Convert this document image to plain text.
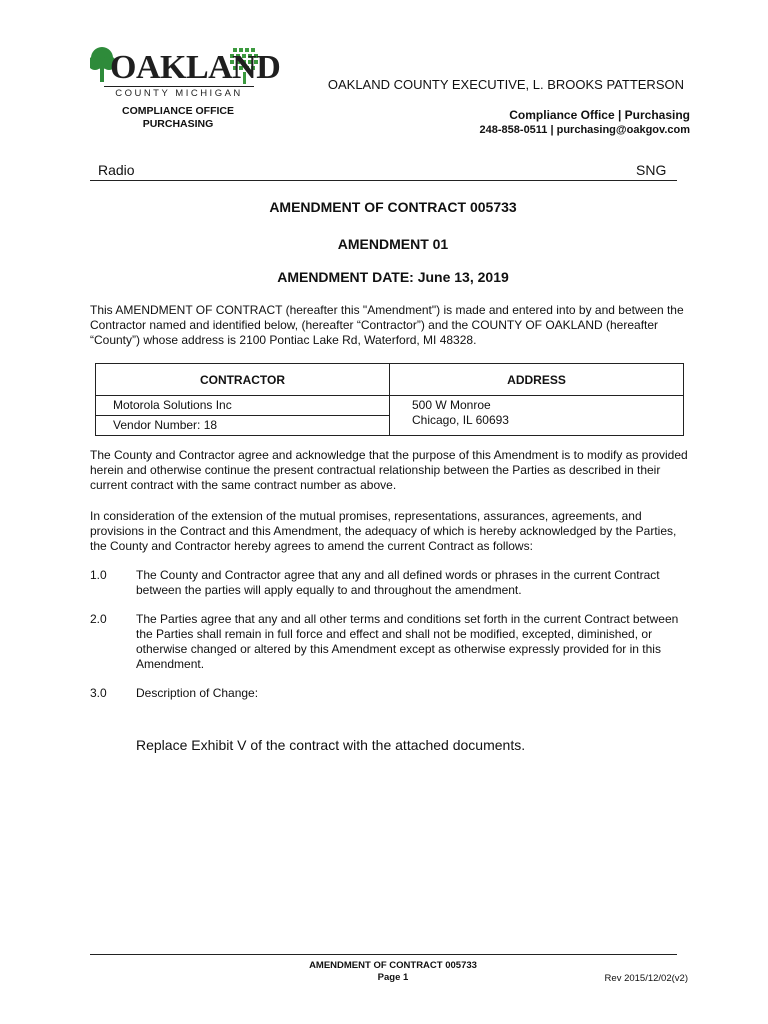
OAKLAND
COUNTY MICHIGAN
OAKLAND COUNTY EXECUTIVE, L. BROOKS PATTERSON
COMPLIANCE OFFICE
PURCHASING
Compliance Office | Purchasing
248-858-0511 | purchasing@oakgov.com
Radio	SNG
AMENDMENT OF CONTRACT 005733
AMENDMENT 01
AMENDMENT DATE: June 13, 2019
This AMENDMENT OF CONTRACT (hereafter this "Amendment") is made and entered into by and between the Contractor named and identified below, (hereafter “Contractor”) and the COUNTY OF OAKLAND (hereafter “County”) whose address is 2100 Pontiac Lake Rd, Waterford, MI 48328.
CONTRACTOR	ADDRESS
Motorola Solutions Inc	500 W Monroe
Chicago, IL 60693

Vendor Number: 18	
The County and Contractor agree and acknowledge that the purpose of this Amendment is to modify as provided herein and otherwise continue the present contractual relationship between the Parties as described in their current contract with the same contract number as above.
In consideration of the extension of the mutual promises, representations, assurances, agreements, and provisions in the Contract and this Amendment, the adequacy of which is hereby acknowledged by the Parties, the County and Contractor hereby agrees to amend the current Contract as follows:
1.0 The County and Contractor agree that any and all defined words or phrases in the current Contract between the parties will apply equally to and throughout the amendment.
2.0 The Parties agree that any and all other terms and conditions set forth in the current Contract between the Parties shall remain in full force and effect and shall not be modified, excepted, diminished, or otherwise changed or altered by this Amendment except as otherwise expressly provided for in this Amendment.
3.0 Description of Change:
Replace Exhibit V of the contract with the attached documents.
AMENDMENT OF CONTRACT 005733
Page 1	Rev 2015/12/02(v2)
